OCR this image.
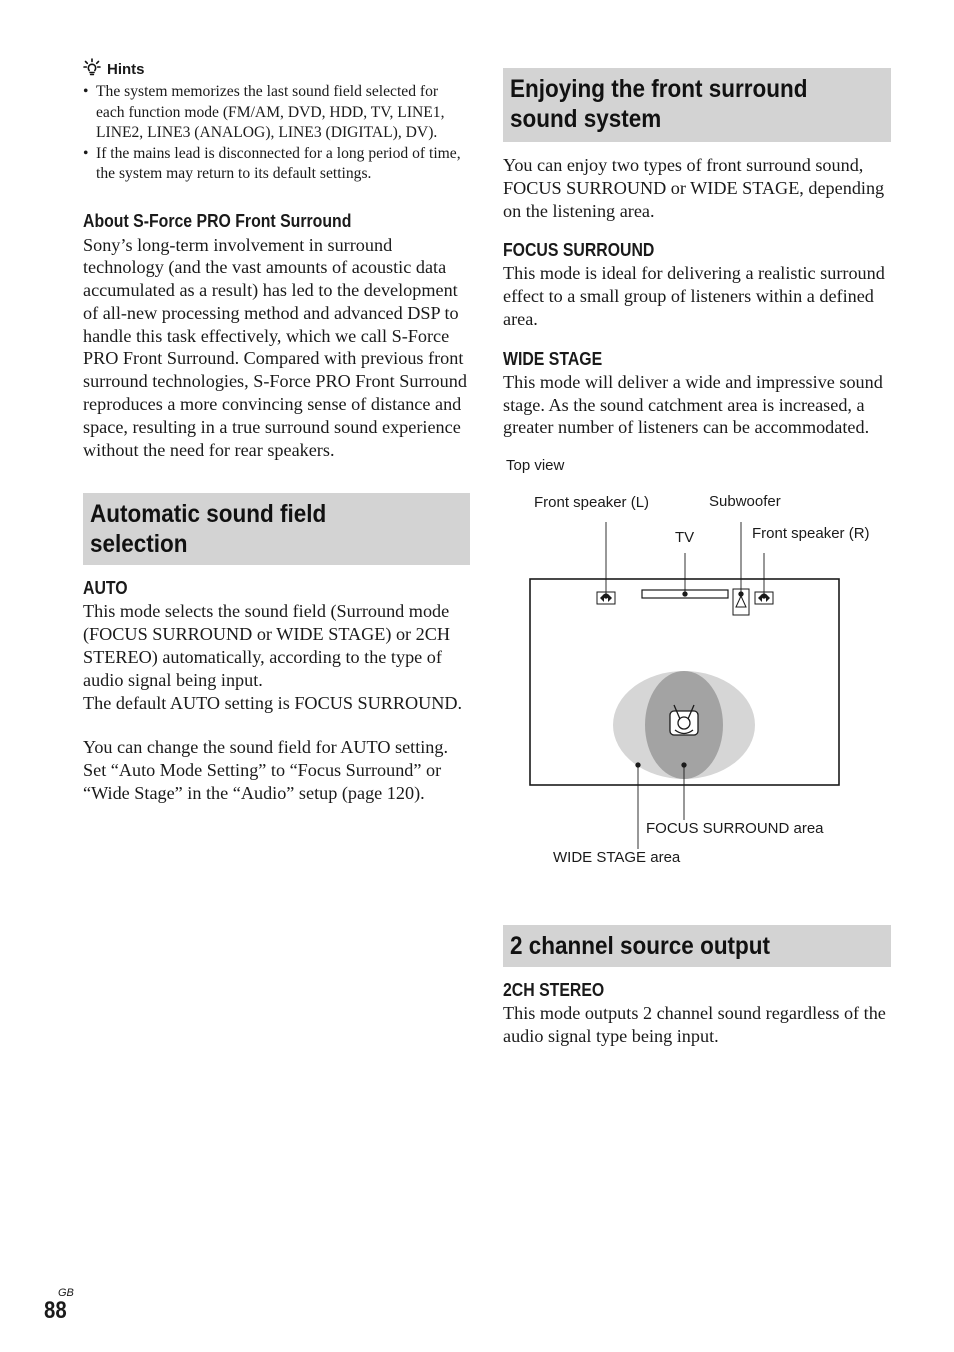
Hints
• The system memorizes the last sound field selected for each function mode (FM/AM, DVD, HDD, TV, LINE1, LINE2, LINE3 (ANALOG), LINE3 (DIGITAL), DV).
• If the mains lead is disconnected for a long period of time, the system may return to its default settings.
About S-Force PRO Front Surround

Sony’s long-term involvement in surround technology (and the vast amounts of acoustic data accumulated as a result) has led to the development of all-new processing method and advanced DSP to handle this task effectively, which we call S-Force PRO Front Surround. Compared with previous front surround technologies, S-Force PRO Front Surround reproduces a more convincing sense of distance and space, resulting in a true surround sound experience without the need for rear speakers.

Automatic sound field selection
AUTO

This mode selects the sound field (Surround mode (FOCUS SURROUND or WIDE STAGE) or 2CH STEREO) automatically, according to the type of audio signal being input.

The default AUTO setting is FOCUS SURROUND.

You can change the sound field for AUTO setting. Set “Auto Mode Setting” to “Focus Surround” or “Wide Stage” in the “Audio” setup (page 120).

Enjoying the front surround sound system

You can enjoy two types of front surround sound, FOCUS SURROUND or WIDE STAGE, depending on the listening area.

FOCUS SURROUND

This mode is ideal for delivering a realistic surround effect to a small group of listeners within a defined area.

WIDE STAGE

This mode will deliver a wide and impressive sound stage. As the sound catchment area is increased, a greater number of listeners can be accommodated.

Top view
Front speaker (L)	Subwoofer
TV	Front speaker (R)
FOCUS SURROUND area
WIDE STAGE area
2 channel source output
2CH STEREO

This mode outputs 2 channel sound regardless of the audio signal type being input.

GB
88
